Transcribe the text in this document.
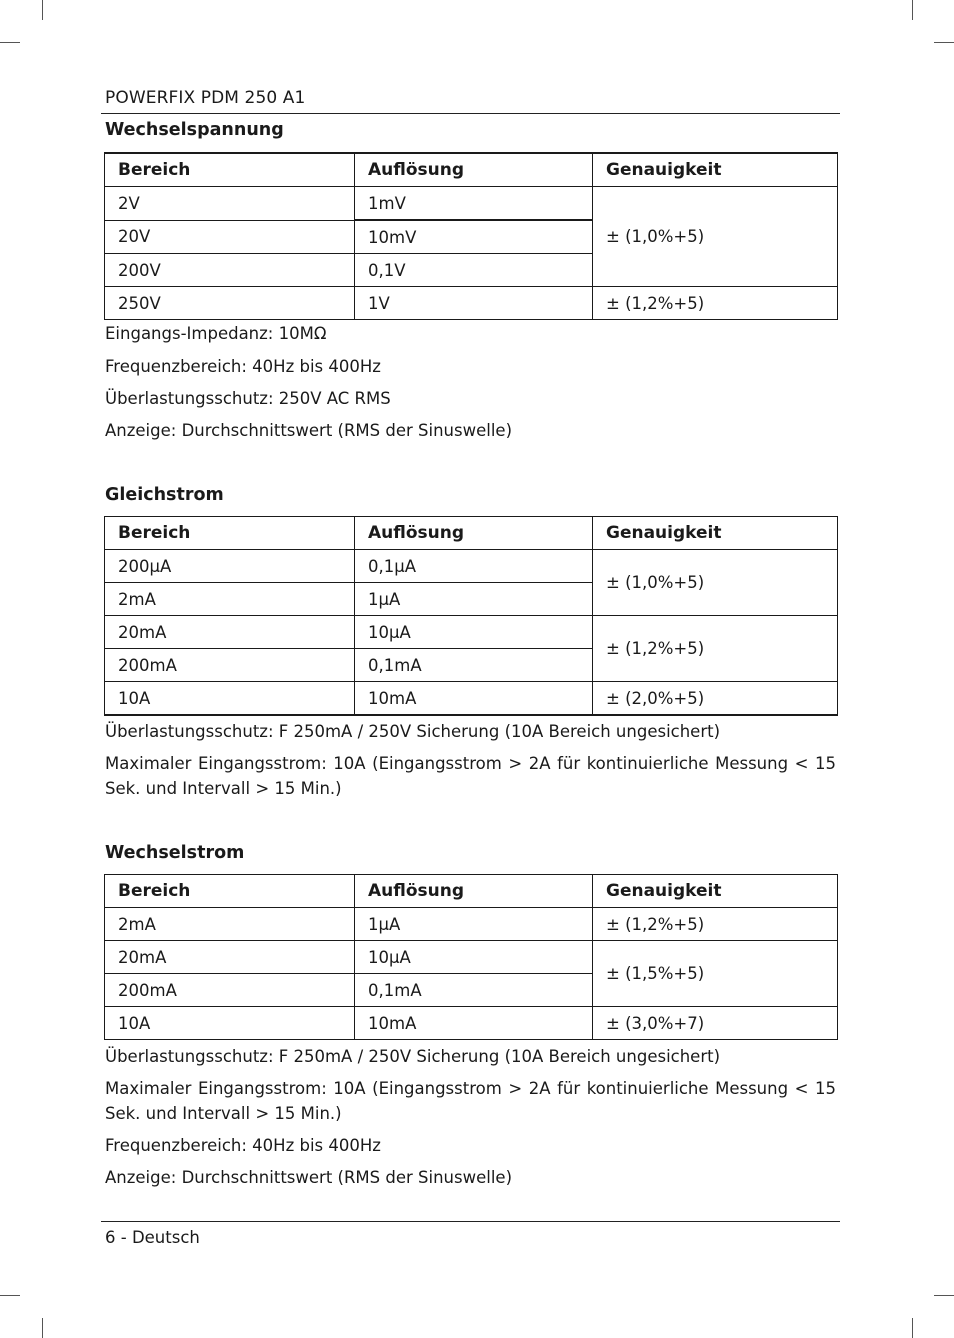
POWERFIX PDM 250 A1
Wechselspannung
Bereich	Auflösung	Genauigkeit
2V	1mV	± (1,0%+5)
20V	10mV	
200V	0,1V	
250V	1V	± (1,2%+5)
Eingangs-Impedanz: 10MΩ
Frequenzbereich: 40Hz bis 400Hz
Überlastungsschutz: 250V AC RMS
Anzeige: Durchschnittswert (RMS der Sinuswelle)
Gleichstrom
Bereich	Auflösung	Genauigkeit
200µA	0,1µA	± (1,0%+5)
2mA	1µA	
20mA	10µA	± (1,2%+5)
200mA	0,1mA	
10A	10mA	± (2,0%+5)
Überlastungsschutz: F 250mA / 250V Sicherung (10A Bereich ungesichert)
Maximaler Eingangsstrom: 10A (Eingangsstrom > 2A für kontinuierliche Messung < 15 Sek. und Intervall > 15 Min.)
Wechselstrom
Bereich	Auflösung	Genauigkeit
2mA	1µA	± (1,2%+5)
20mA	10µA	± (1,5%+5)
200mA	0,1mA	
10A	10mA	± (3,0%+7)
Überlastungsschutz: F 250mA / 250V Sicherung (10A Bereich ungesichert)
Maximaler Eingangsstrom: 10A (Eingangsstrom > 2A für kontinuierliche Messung < 15 Sek. und Intervall > 15 Min.)
Frequenzbereich: 40Hz bis 400Hz
Anzeige: Durchschnittswert (RMS der Sinuswelle)
6 - Deutsch
